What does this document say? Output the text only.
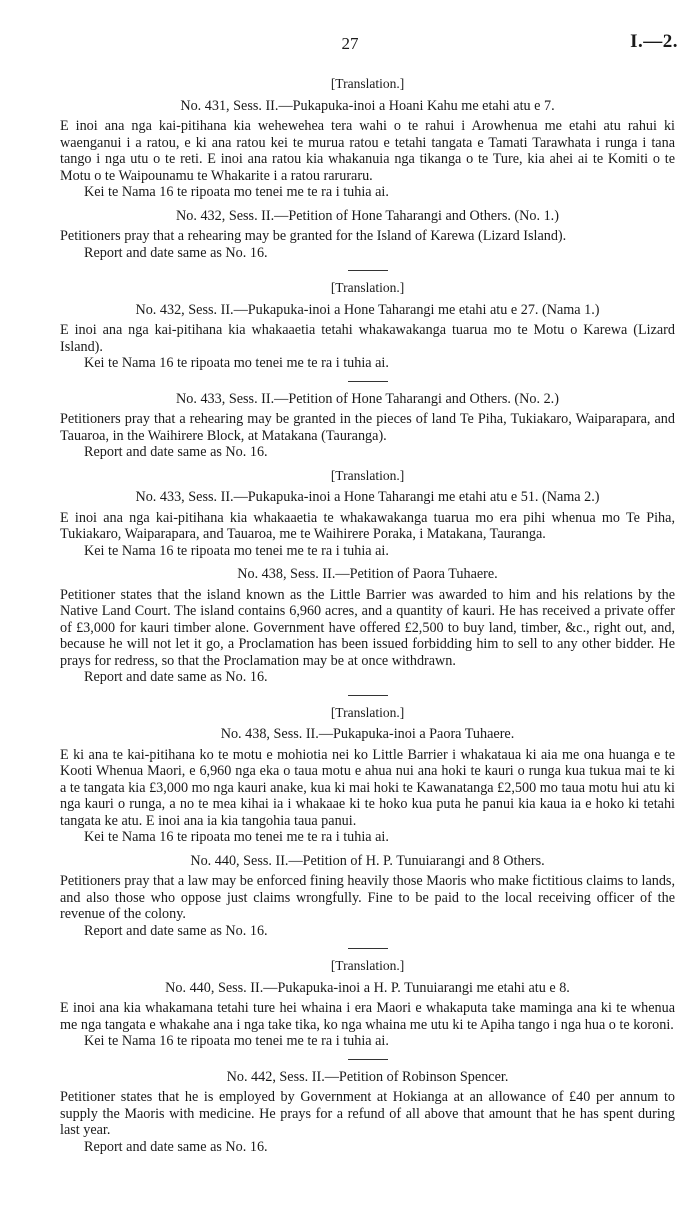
27	I.—2.

[Translation.]

No. 431, Sess. II.—Pukapuka-inoi a Hoani Kahu me etahi atu e 7.

E inoi ana nga kai-pitihana kia wehewehea tera wahi o te rahui i Arowhenua me etahi atu rahui ki waenganui i a ratou, e ki ana ratou kei te murua ratou e tetahi tangata e Tamati Tarawhata i runga i tana tango i nga utu o te reti. E inoi ana ratou kia whakanuia nga tikanga o te Ture, kia ahei ai te Komiti o te Motu o te Waipounamu te Whakarite i a ratou raruraru.

Kei te Nama 16 te ripoata mo tenei me te ra i tuhia ai.

No. 432, Sess. II.—Petition of Hone Taharangi and Others. (No. 1.)

Petitioners pray that a rehearing may be granted for the Island of Karewa (Lizard Island).

Report and date same as No. 16.

[Translation.]

No. 432, Sess. II.—Pukapuka-inoi a Hone Taharangi me etahi atu e 27. (Nama 1.)

E inoi ana nga kai-pitihana kia whakaaetia tetahi whakawakanga tuarua mo te Motu o Karewa (Lizard Island).

Kei te Nama 16 te ripoata mo tenei me te ra i tuhia ai.

No. 433, Sess. II.—Petition of Hone Taharangi and Others. (No. 2.)

Petitioners pray that a rehearing may be granted in the pieces of land Te Piha, Tukiakaro, Waiparapara, and Tauaroa, in the Waihirere Block, at Matakana (Tauranga).

Report and date same as No. 16.

[Translation.]

No. 433, Sess. II.—Pukapuka-inoi a Hone Taharangi me etahi atu e 51. (Nama 2.)

E inoi ana nga kai-pitihana kia whakaaetia te whakawakanga tuarua mo era pihi whenua mo Te Piha, Tukiakaro, Waiparapara, and Tauaroa, me te Waihirere Poraka, i Matakana, Tauranga.

Kei te Nama 16 te ripoata mo tenei me te ra i tuhia ai.

No. 438, Sess. II.—Petition of Paora Tuhaere.

Petitioner states that the island known as the Little Barrier was awarded to him and his relations by the Native Land Court. The island contains 6,960 acres, and a quantity of kauri. He has received a private offer of £3,000 for kauri timber alone. Government have offered £2,500 to buy land, timber, &c., right out, and, because he will not let it go, a Proclamation has been issued forbidding him to sell to any other bidder. He prays for redress, so that the Proclamation may be at once withdrawn.

Report and date same as No. 16.

[Translation.]

No. 438, Sess. II.—Pukapuka-inoi a Paora Tuhaere.

E ki ana te kai-pitihana ko te motu e mohiotia nei ko Little Barrier i whakataua ki aia me ona huanga e te Kooti Whenua Maori, e 6,960 nga eka o taua motu e ahua nui ana hoki te kauri o runga kua tukua mai te ki a te tangata kia £3,000 mo nga kauri anake, kua ki mai hoki te Kawanatanga £2,500 mo taua motu hui atu ki nga kauri o runga, a no te mea kihai ia i whakaae ki te hoko kua puta he panui kia kaua ia e hoko ki tetahi tangata ke atu. E inoi ana ia kia tangohia taua panui.

Kei te Nama 16 te ripoata mo tenei me te ra i tuhia ai.

No. 440, Sess. II.—Petition of H. P. Tunuiarangi and 8 Others.

Petitioners pray that a law may be enforced fining heavily those Maoris who make fictitious claims to lands, and also those who oppose just claims wrongfully. Fine to be paid to the local receiving officer of the revenue of the colony.

Report and date same as No. 16.

[Translation.]

No. 440, Sess. II.—Pukapuka-inoi a H. P. Tunuiarangi me etahi atu e 8.

E inoi ana kia whakamana tetahi ture hei whaina i era Maori e whakaputa take maminga ana ki te whenua me nga tangata e whakahe ana i nga take tika, ko nga whaina me utu ki te Apiha tango i nga hua o te koroni.

Kei te Nama 16 te ripoata mo tenei me te ra i tuhia ai.

No. 442, Sess. II.—Petition of Robinson Spencer.

Petitioner states that he is employed by Government at Hokianga at an allowance of £40 per annum to supply the Maoris with medicine. He prays for a refund of all above that amount that he has spent during last year.

Report and date same as No. 16.
